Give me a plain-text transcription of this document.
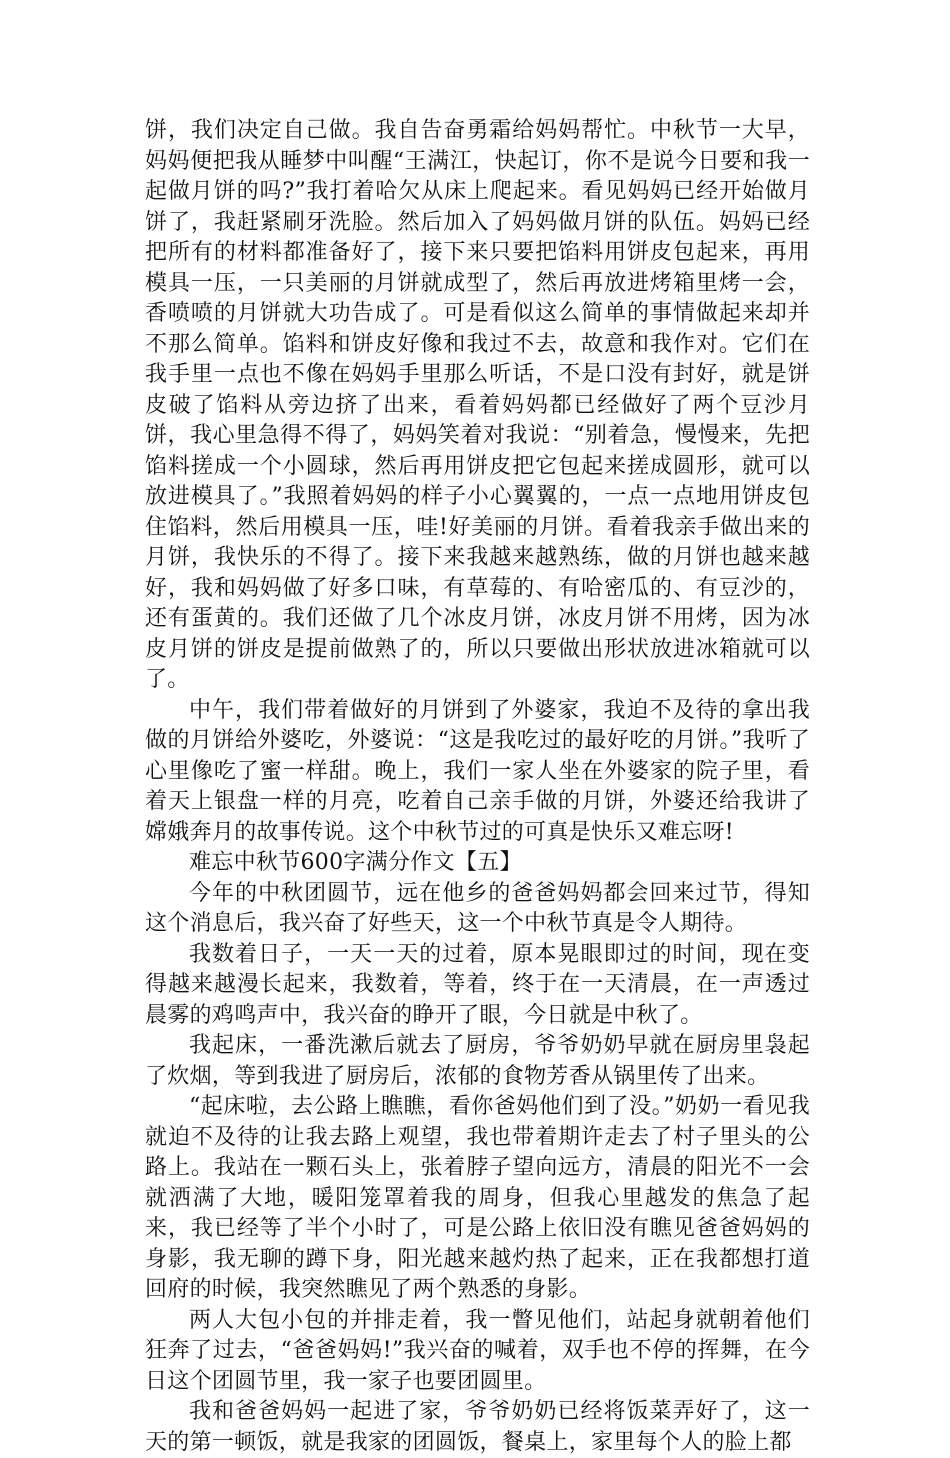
饼，我们决定自己做。我自告奋勇霜给妈妈帮忙。中秋节一大早，妈妈便把我从睡梦中叫醒“王满江，快起订，你不是说今日要和我一起做月饼的吗?”我打着哈欠从床上爬起来。看见妈妈已经开始做月饼了，我赶紧刷牙洗脸。然后加入了妈妈做月饼的队伍。妈妈已经把所有的材料都准备好了，接下来只要把馅料用饼皮包起来，再用模具一压，一只美丽的月饼就成型了，然后再放进烤箱里烤一会，香喷喷的月饼就大功告成了。可是看似这么简单的事情做起来却并不那么简单。馅料和饼皮好像和我过不去，故意和我作对。它们在我手里一点也不像在妈妈手里那么听话，不是口没有封好，就是饼皮破了馅料从旁边挤了出来，看着妈妈都已经做好了两个豆沙月饼，我心里急得不得了，妈妈笑着对我说：“别着急，慢慢来，先把馅料搓成一个小圆球，然后再用饼皮把它包起来搓成圆形，就可以放进模具了。”我照着妈妈的样子小心翼翼的，一点一点地用饼皮包住馅料，然后用模具一压，哇!好美丽的月饼。看着我亲手做出来的月饼，我快乐的不得了。接下来我越来越熟练，做的月饼也越来越好，我和妈妈做了好多口味，有草莓的、有哈密瓜的、有豆沙的，还有蛋黄的。我们还做了几个冰皮月饼，冰皮月饼不用烤，因为冰皮月饼的饼皮是提前做熟了的，所以只要做出形状放进冰箱就可以了。

中午，我们带着做好的月饼到了外婆家，我迫不及待的拿出我做的月饼给外婆吃，外婆说：“这是我吃过的最好吃的月饼。”我听了心里像吃了蜜一样甜。晚上，我们一家人坐在外婆家的院子里，看着天上银盘一样的月亮，吃着自己亲手做的月饼，外婆还给我讲了嫦娥奔月的故事传说。这个中秋节过的可真是快乐又难忘呀!

难忘中秋节600字满分作文【五】

今年的中秋团圆节，远在他乡的爸爸妈妈都会回来过节，得知这个消息后，我兴奋了好些天，这一个中秋节真是令人期待。

我数着日子，一天一天的过着，原本晃眼即过的时间，现在变得越来越漫长起来，我数着，等着，终于在一天清晨，在一声透过晨雾的鸡鸣声中，我兴奋的睁开了眼，今日就是中秋了。

我起床，一番洗漱后就去了厨房，爷爷奶奶早就在厨房里袅起了炊烟，等到我进了厨房后，浓郁的食物芳香从锅里传了出来。

“起床啦，去公路上瞧瞧，看你爸妈他们到了没。”奶奶一看见我就迫不及待的让我去路上观望，我也带着期许走去了村子里头的公路上。我站在一颗石头上，张着脖子望向远方，清晨的阳光不一会就洒满了大地，暖阳笼罩着我的周身，但我心里越发的焦急了起来，我已经等了半个小时了，可是公路上依旧没有瞧见爸爸妈妈的身影，我无聊的蹲下身，阳光越来越灼热了起来，正在我都想打道回府的时候，我突然瞧见了两个熟悉的身影。

两人大包小包的并排走着，我一瞥见他们，站起身就朝着他们狂奔了过去，“爸爸妈妈!”我兴奋的喊着，双手也不停的挥舞，在今日这个团圆节里，我一家子也要团圆里。

我和爸爸妈妈一起进了家，爷爷奶奶已经将饭菜弄好了，这一天的第一顿饭，就是我家的团圆饭，餐桌上，家里每个人的脸上都
